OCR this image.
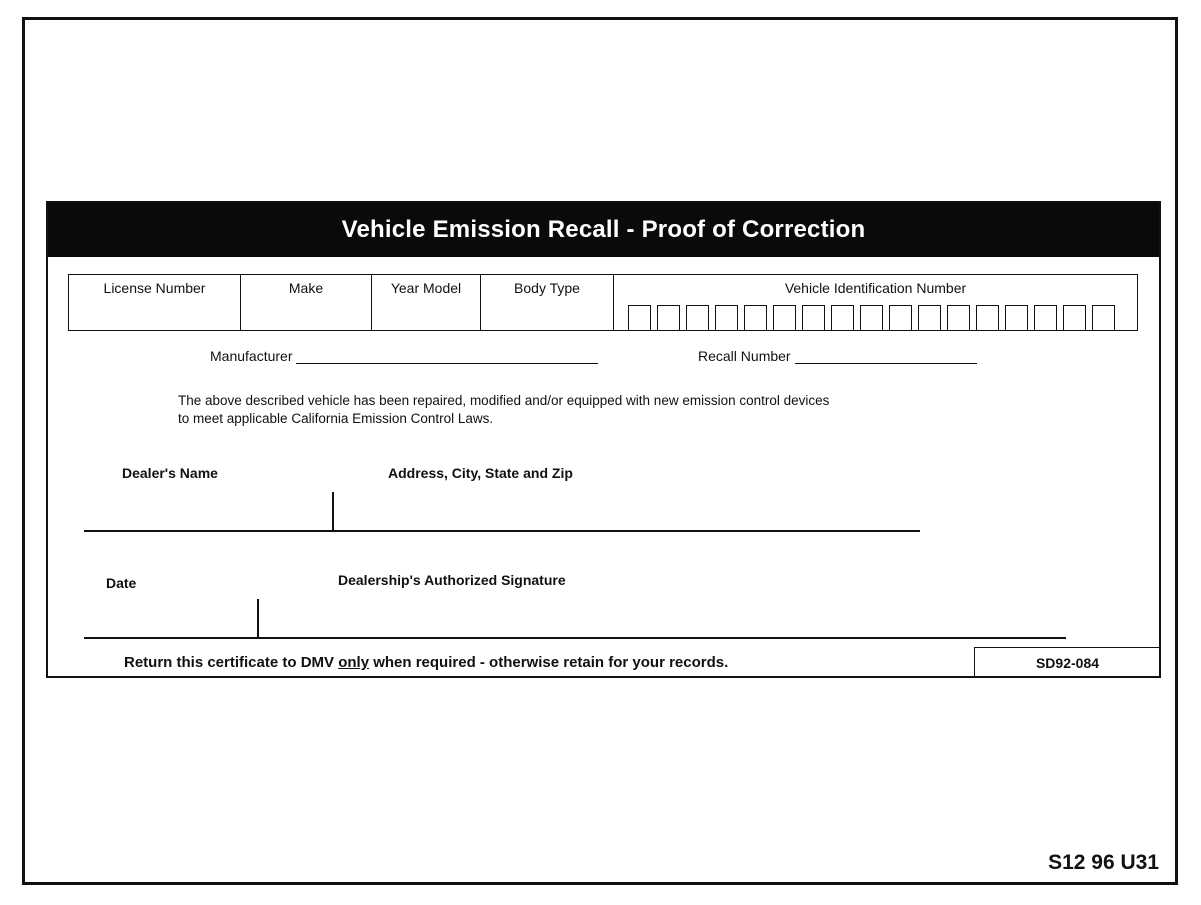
Vehicle Emission Recall - Proof of Correction
License Number	Make	Year Model	Body Type	Vehicle Identification Number
Manufacturer	Recall Number
The above described vehicle has been repaired, modified and/or equipped with new emission control devices
to meet applicable California Emission Control Laws.
Dealer's Name	Address, City, State and Zip
Date	Dealership's Authorized Signature
Return this certificate to DMV only when required - otherwise retain for your records.	SD92-084
S12 96 U31
